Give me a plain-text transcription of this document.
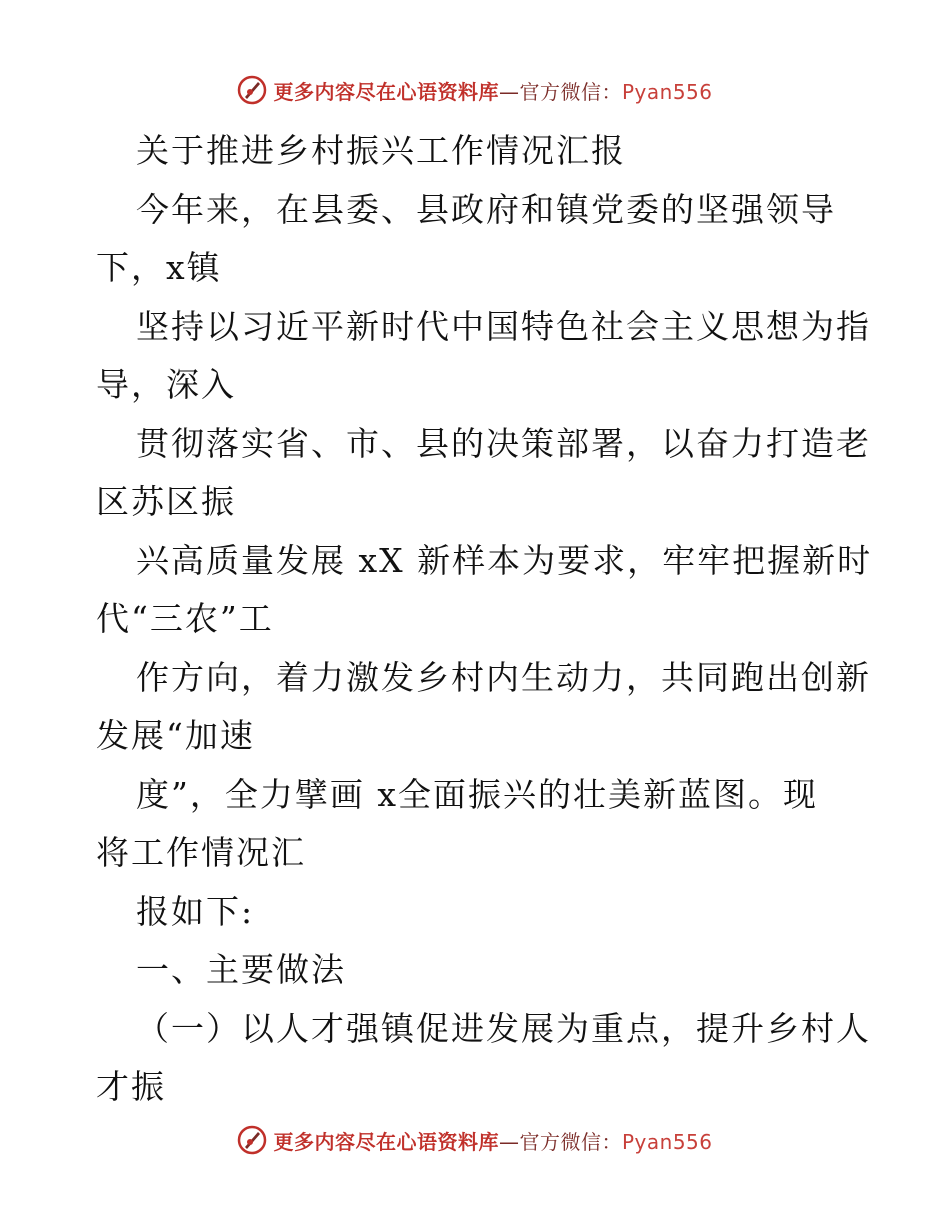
更多内容尽在心语资料库—官方微信：Pyan556
关于推进乡村振兴工作情况汇报
今年来，在县委、县政府和镇党委的坚强领导
下，x镇
坚持以习近平新时代中国特色社会主义思想为指
导，深入
贯彻落实省、市、县的决策部署，以奋力打造老
区苏区振
兴高质量发展 xX 新样本为要求，牢牢把握新时
代“三农”工
作方向，着力激发乡村内生动力，共同跑出创新
发展“加速
度”，全力擘画 x全面振兴的壮美新蓝图。现
将工作情况汇
报如下:
一、主要做法
（一）以人才强镇促进发展为重点，提升乡村人
才振
更多内容尽在心语资料库—官方微信：Pyan556
